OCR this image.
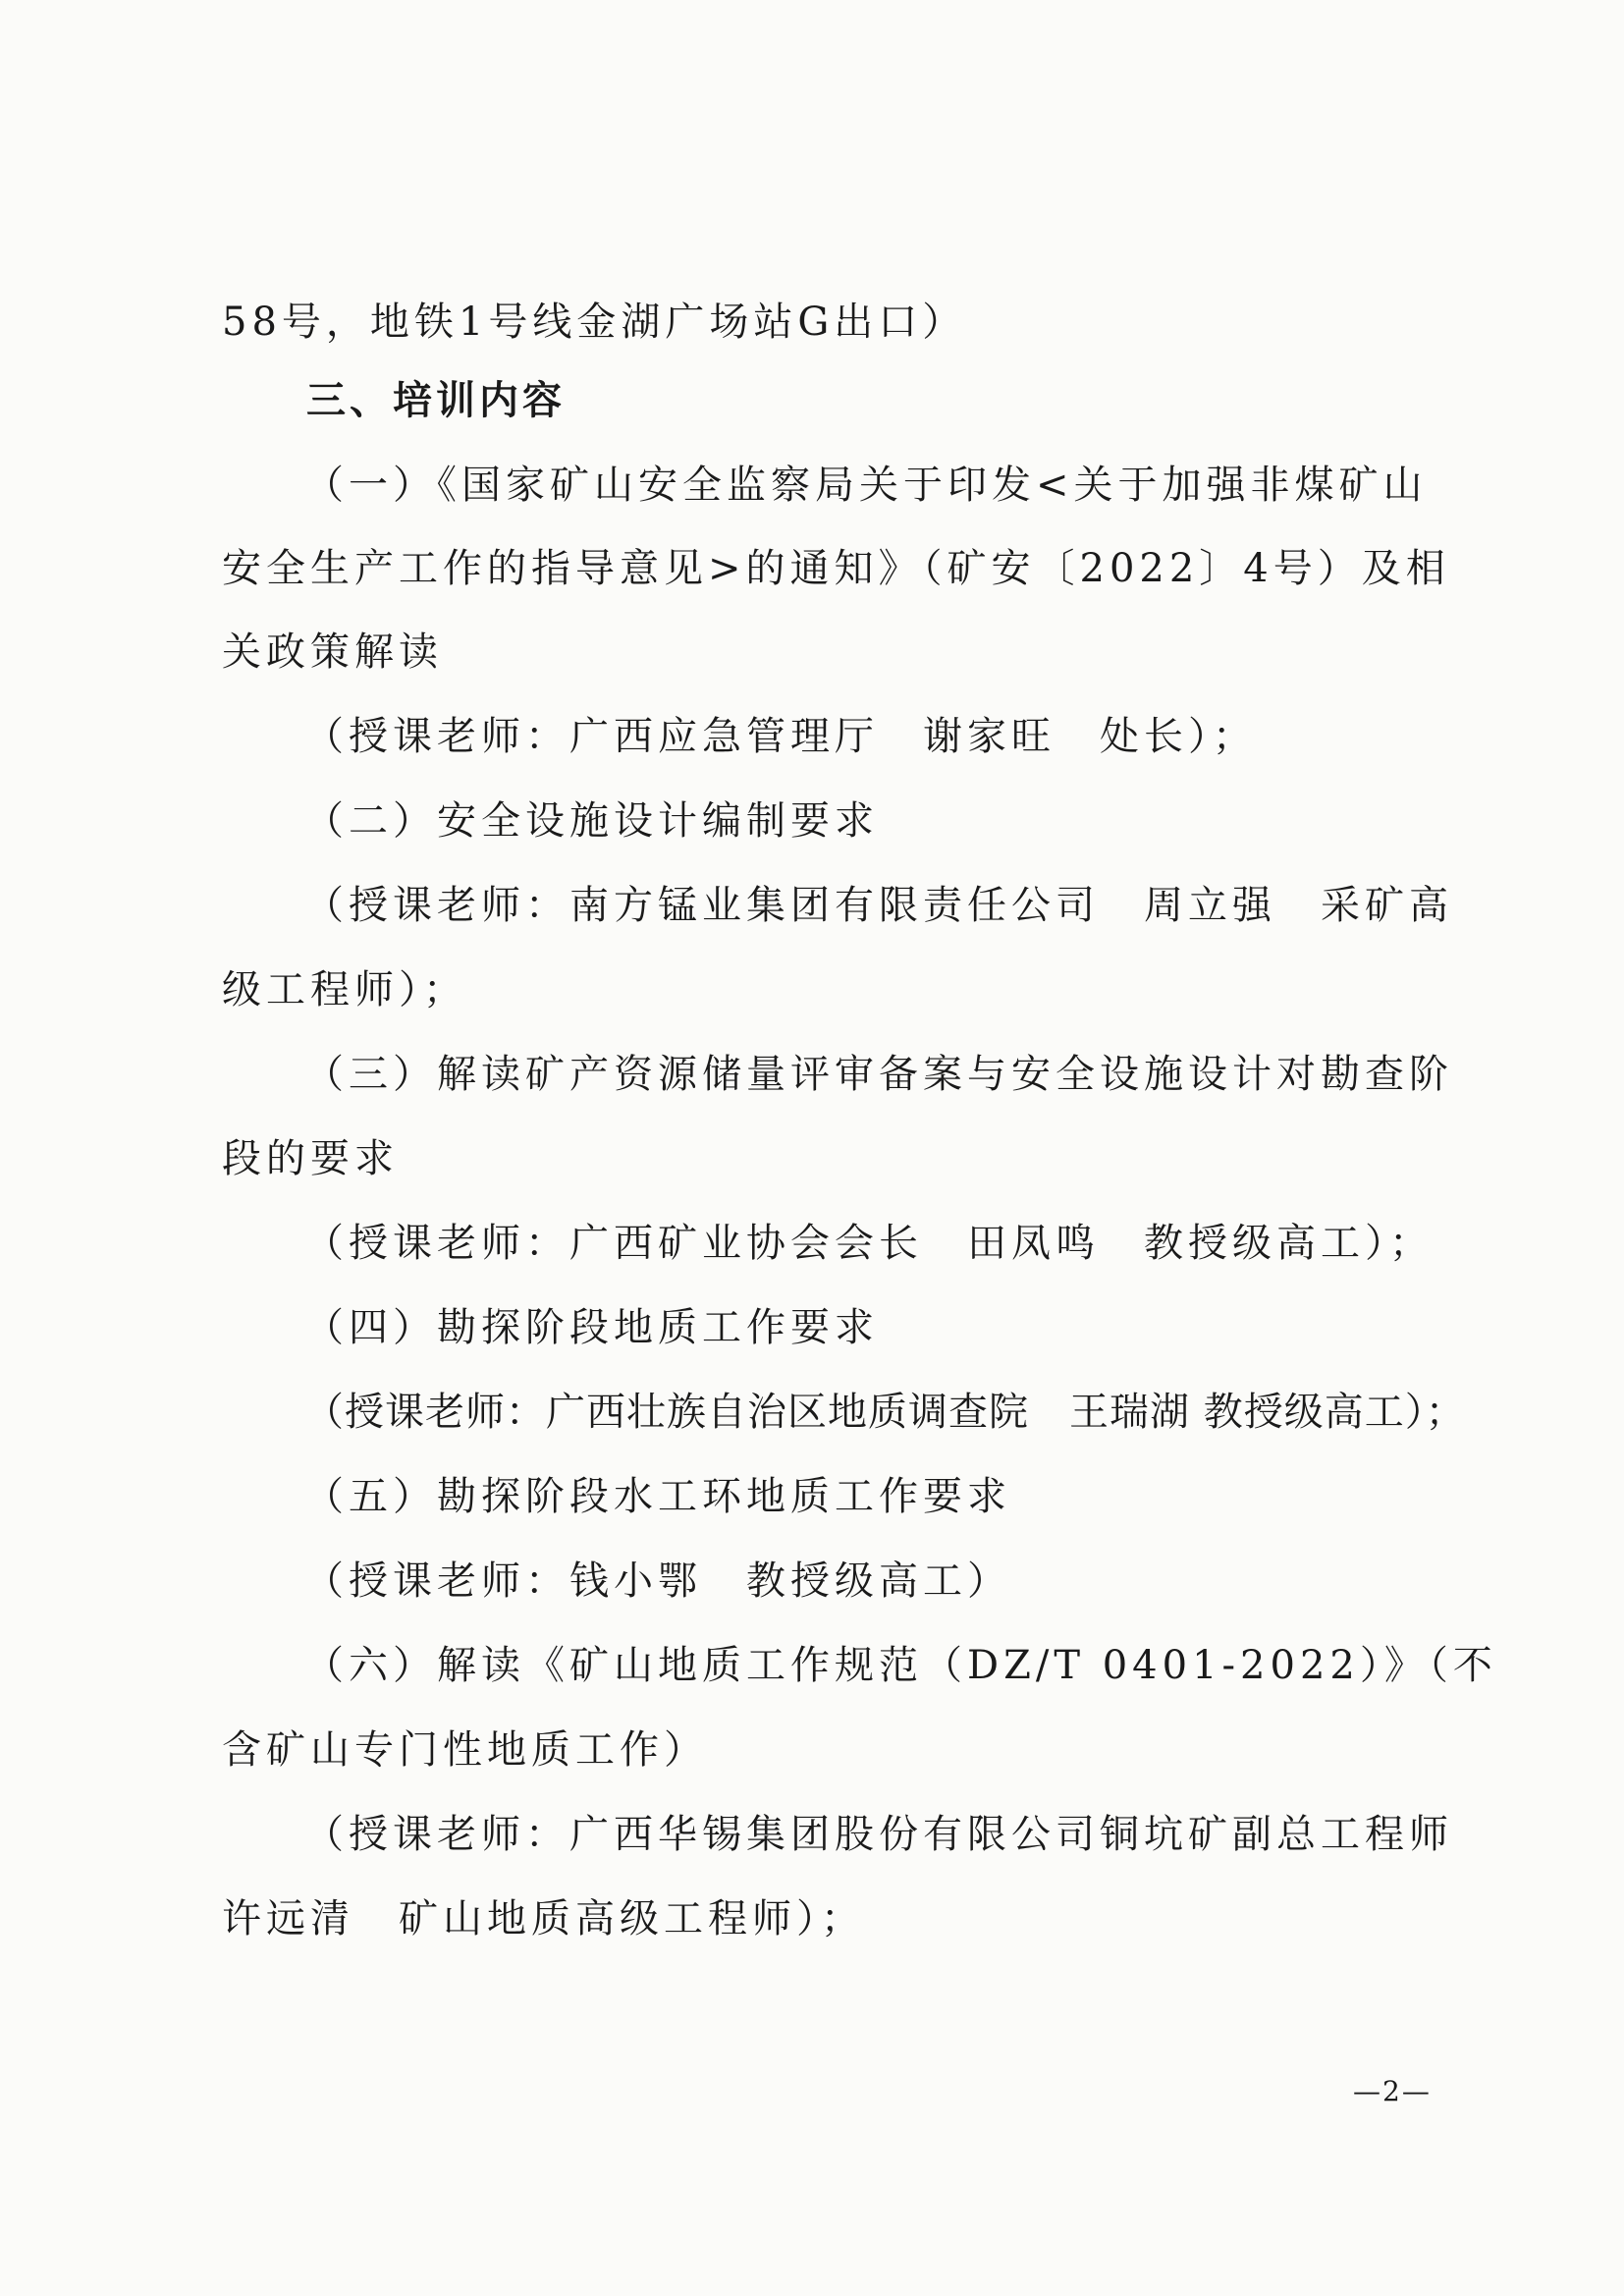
58号，地铁1号线金湖广场站G出口）
三、培训内容
（一）《国家矿山安全监察局关于印发<关于加强非煤矿山
安全生产工作的指导意见>的通知》（矿安〔2022〕4号）及相
关政策解读
（授课老师：广西应急管理厅　谢家旺　处长）；
（二）安全设施设计编制要求
（授课老师：南方锰业集团有限责任公司　周立强　采矿高
级工程师）；
（三）解读矿产资源储量评审备案与安全设施设计对勘查阶
段的要求
（授课老师：广西矿业协会会长　田凤鸣　教授级高工）；
（四）勘探阶段地质工作要求
（授课老师：广西壮族自治区地质调查院　王瑞湖 教授级高工）；
（五）勘探阶段水工环地质工作要求
（授课老师：钱小鄂　教授级高工）
（六）解读《矿山地质工作规范（DZ/T 0401-2022）》（不
含矿山专门性地质工作）
（授课老师：广西华锡集团股份有限公司铜坑矿副总工程师
许远清　矿山地质高级工程师）；
—2—
